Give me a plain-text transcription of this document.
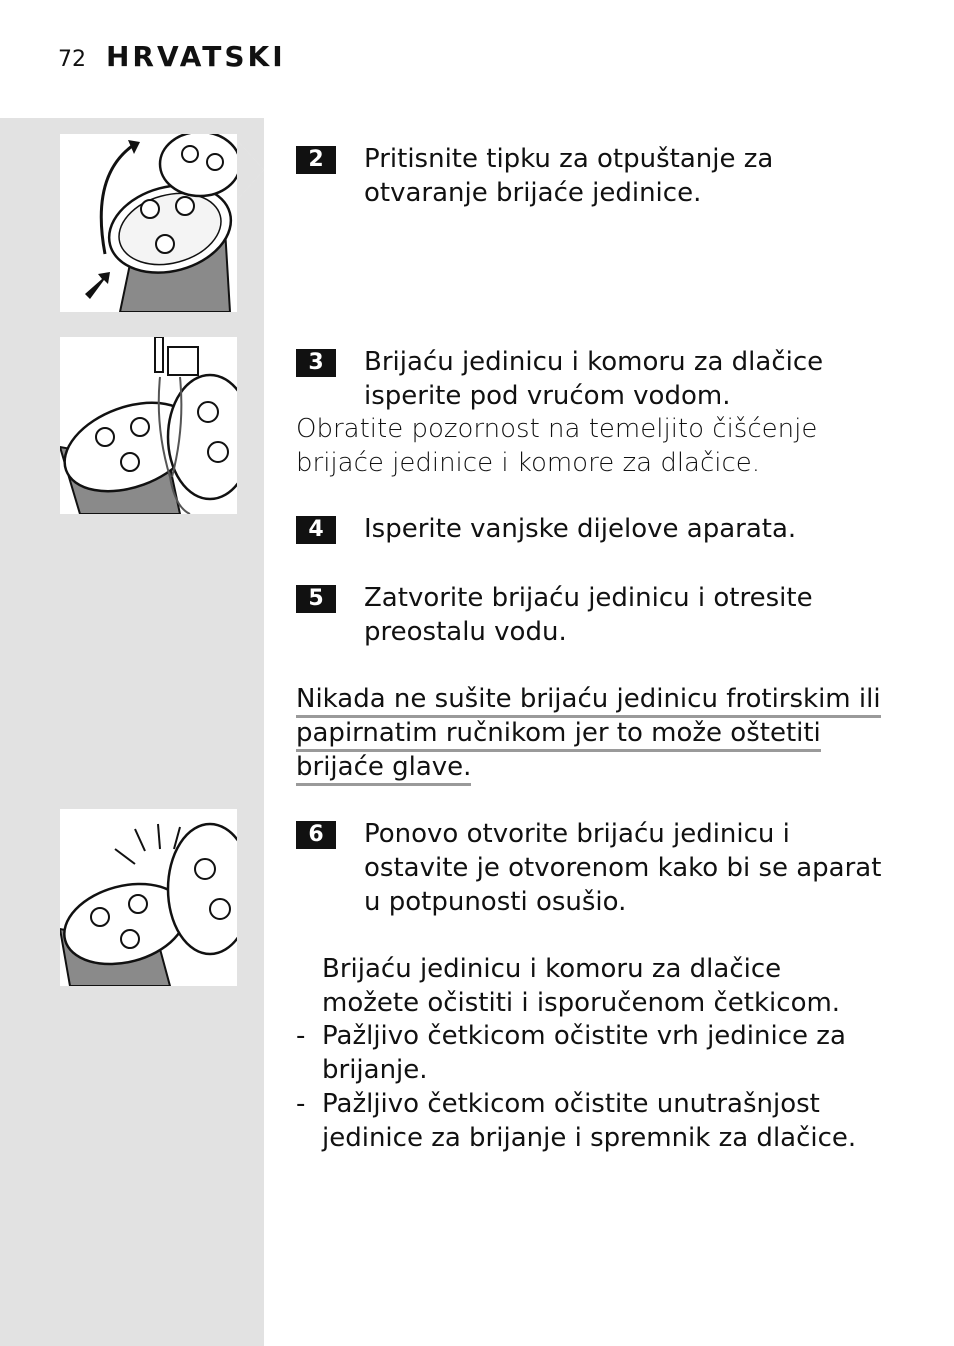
72 HRVATSKI
2	Pritisnite tipku za otpuštanje za otvaranje brijaće jedinice.
3	Brijaću jedinicu i komoru za dlačice isperite pod vrućom vodom.
Obratite pozornost na temeljito čišćenje brijaće jedinice i komore za dlačice.
4	Isperite vanjske dijelove aparata.
5	Zatvorite brijaću jedinicu i otresite preostalu vodu.
Nikada ne sušite brijaću jedinicu frotirskim ili papirnatim ručnikom jer to može oštetiti brijaće glave.
6	Ponovo otvorite brijaću jedinicu i ostavite je otvorenom kako bi se aparat u potpunosti osušio.
Brijaću jedinicu i komoru za dlačice možete očistiti i isporučenom četkicom.
- Pažljivo četkicom očistite vrh jedinice za brijanje.
- Pažljivo četkicom očistite unutrašnjost jedinice za brijanje i spremnik za dlačice.
